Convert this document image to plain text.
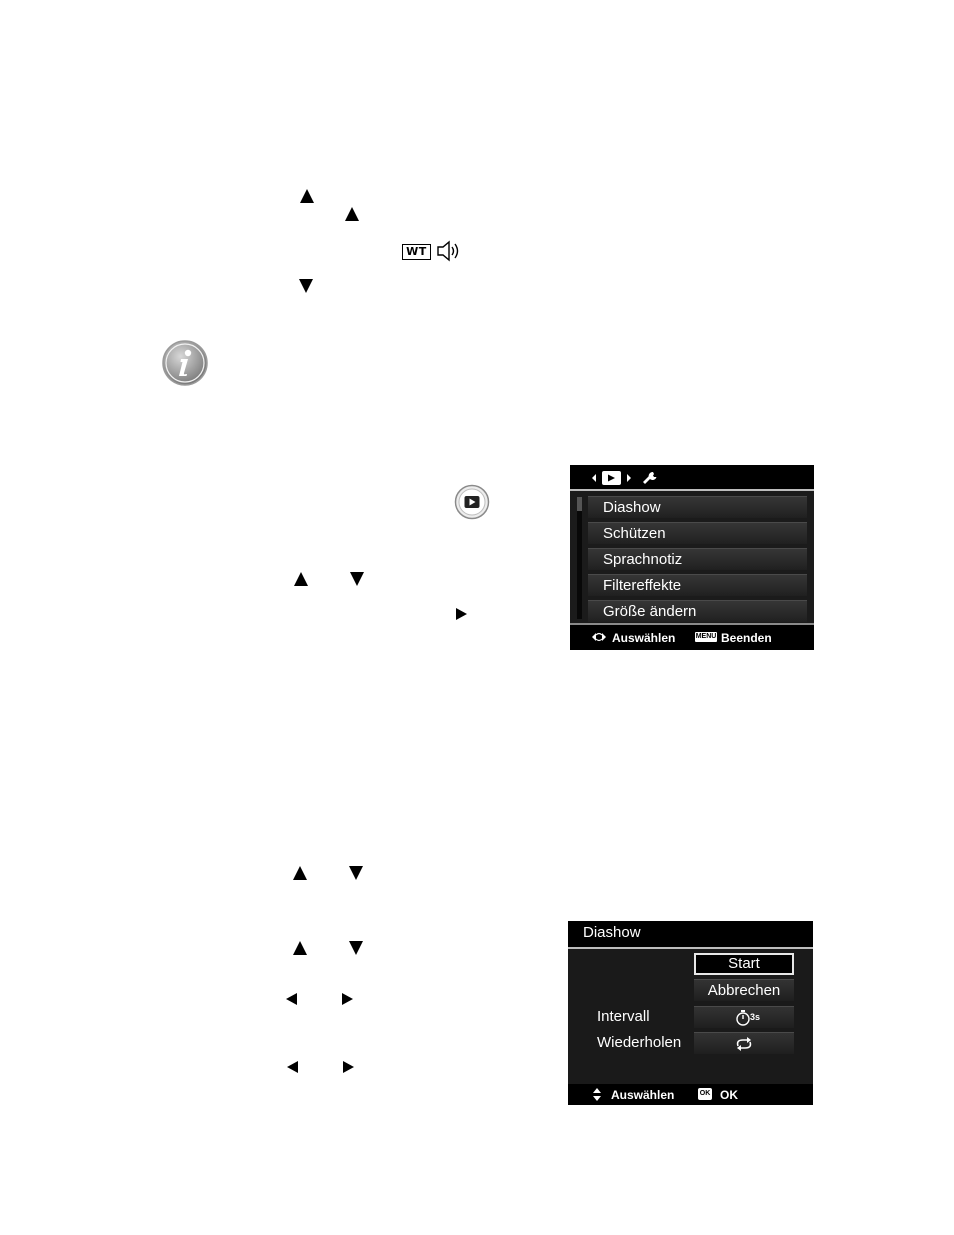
WT
Diashow
Schützen
Sprachnotiz
Filtereffekte
Größe ändern
Auswählen	MENU Beenden
Diashow
Start
Abbrechen
Intervall	3s
Wiederholen
Auswählen	OK OK
